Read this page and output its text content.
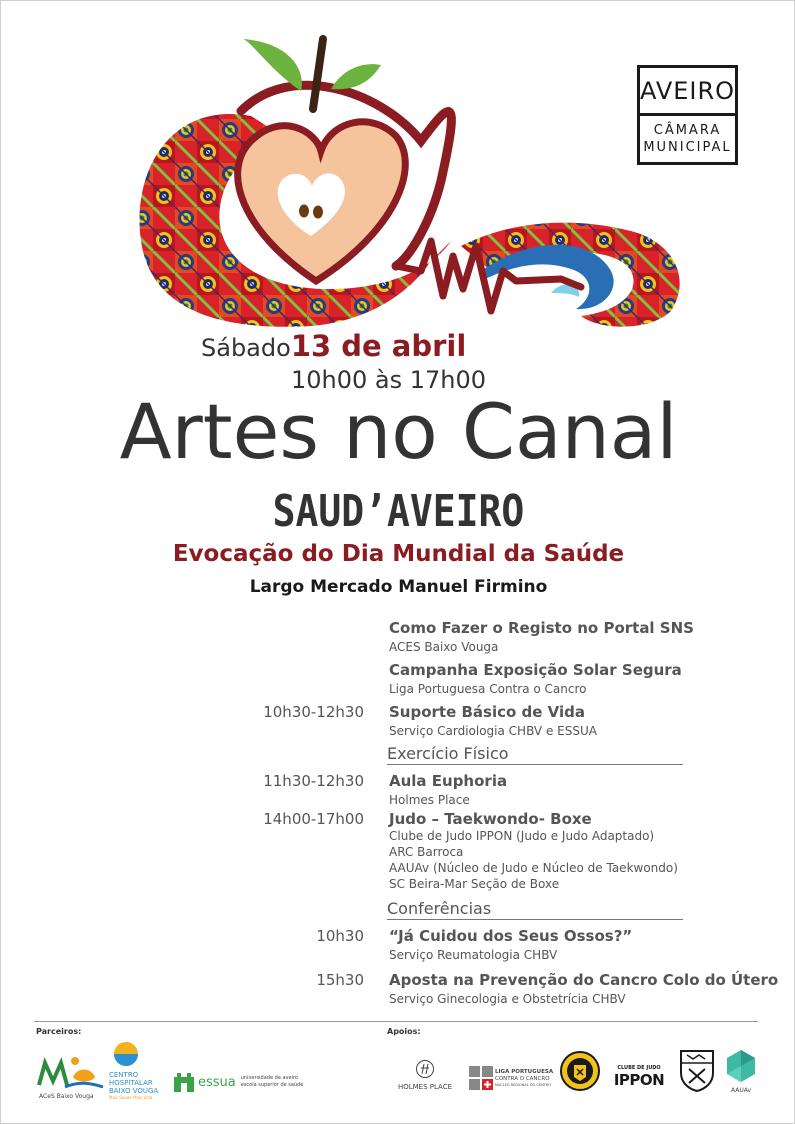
AVEIRO
CÂMARA
MUNICIPAL
Sábado 13 de abril
10h00 às 17h00
Artes no Canal
SAUD’AVEIRO
Evocação do Dia Mundial da Saúde
Largo Mercado Manuel Firmino
Como Fazer o Registo no Portal SNS
ACES Baixo Vouga
Campanha Exposição Solar Segura
Liga Portuguesa Contra o Cancro
10h30-12h30 Suporte Básico de Vida
Serviço Cardiologia CHBV e ESSUA
Exercício Físico
11h30-12h30 Aula Euphoria
Holmes Place
14h00-17h00 Judo – Taekwondo- Boxe
Clube de Judo IPPON (Judo e Judo Adaptado)
ARC Barroca
AAUAv (Núcleo de Judo e Núcleo de Taekwondo)
SC Beira-Mar Seção de Boxe
Conferências
10h30 “Já Cuidou dos Seus Ossos?”
Serviço Reumatologia CHBV
15h30 Aposta na Prevenção do Cancro Colo do Útero
Serviço Ginecologia e Obstetrícia CHBV
Parceiros:	Apoios:
ACeS Baixo Vouga
CENTRO
HOSPITALAR
BAIXO VOUGA
Mais Saúde Mais Vida
essua universidade de aveiro
escola superior de saúde	HOLMES PLACE
LIGA PORTUGUESA
CONTRA O CANCRO
NÚCLEO REGIONAL DO CENTRO
CLUBE DE JUDO
IPPON
AAUAv
